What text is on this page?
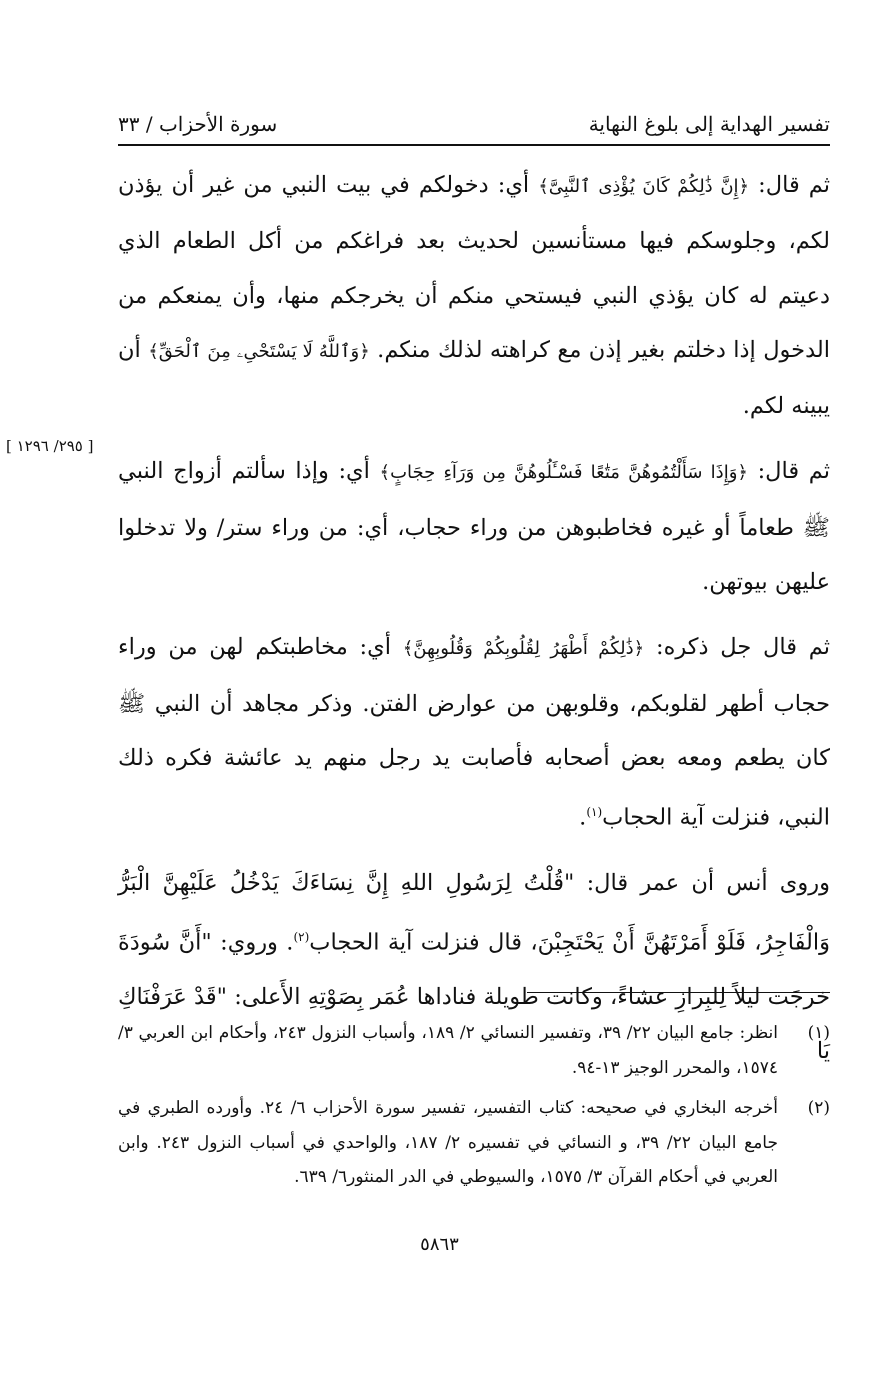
تفسير الهداية إلى بلوغ النهاية
سورة الأحزاب / ٣٣
[ ٢٩٥/ ١٢٩٦ ]

ثم قال: ﴿إِنَّ ذَٰلِكُمْ كَانَ يُؤْذِى ٱلنَّبِىَّ﴾ أي: دخولكم في بيت النبي من غير أن يؤذن لكم، وجلوسكم فيها مستأنسين لحديث بعد فراغكم من أكل الطعام الذي دعيتم له كان يؤذي النبي فيستحي منكم أن يخرجكم منها، وأن يمنعكم من الدخول إذا دخلتم بغير إذن مع كراهته لذلك منكم. ﴿وَٱللَّهُ لَا يَسْتَحْىِۦ مِنَ ٱلْحَقِّ﴾ أن يبينه لكم.

ثم قال: ﴿وَإِذَا سَأَلْتُمُوهُنَّ مَتَٰعًا فَسْـَٔلُوهُنَّ مِن وَرَآءِ حِجَابٍ﴾ أي: وإذا سألتم أزواج النبي ﷺ طعاماً أو غيره فخاطبوهن من وراء حجاب، أي: من وراء ستر/ ولا تدخلوا عليهن بيوتهن.

ثم قال جل ذكره: ﴿ذَٰلِكُمْ أَطْهَرُ لِقُلُوبِكُمْ وَقُلُوبِهِنَّ﴾ أي: مخاطبتكم لهن من وراء حجاب أطهر لقلوبكم، وقلوبهن من عوارض الفتن. وذكر مجاهد أن النبي ﷺ كان يطعم ومعه بعض أصحابه فأصابت يد رجل منهم يد عائشة فكره ذلك النبي، فنزلت آية الحجاب$^{(١)}$.

وروى أنس أن عمر قال: "قُلْتُ لِرَسُولِ اللهِ إِنَّ نِسَاءَكَ يَدْخُلُ عَلَيْهِنَّ الْبَرُّ وَالْفَاجِرُ، فَلَوْ أَمَرْتَهُنَّ أَنْ يَحْتَجِبْنَ، قال فنزلت آية الحجاب$^{(٢)}$. وروي: "أَنَّ سُودَةَ خرجَت ليلاً لِلبِرازِ عشاءً، وكانت طويلة فناداها عُمَر بِصَوْتِهِ الأَعلى: "قَدْ عَرَفْنَاكِ يَا

(١)
انظر: جامع البيان ٢٢/ ٣٩، وتفسير النسائي ٢/ ١٨٩، وأسباب النزول ٢٤٣، وأحكام ابن العربي ٣/ ١٥٧٤، والمحرر الوجيز ١٣-٩٤.
(٢)
أخرجه البخاري في صحيحه: كتاب التفسير، تفسير سورة الأحزاب ٦/ ٢٤. وأورده الطبري في جامع البيان ٢٢/ ٣٩، و النسائي في تفسيره ٢/ ١٨٧، والواحدي في أسباب النزول ٢٤٣. وابن العربي في أحكام القرآن ٣/ ١٥٧٥، والسيوطي في الدر المنثور٦/ ٦٣٩.
٥٨٦٣
